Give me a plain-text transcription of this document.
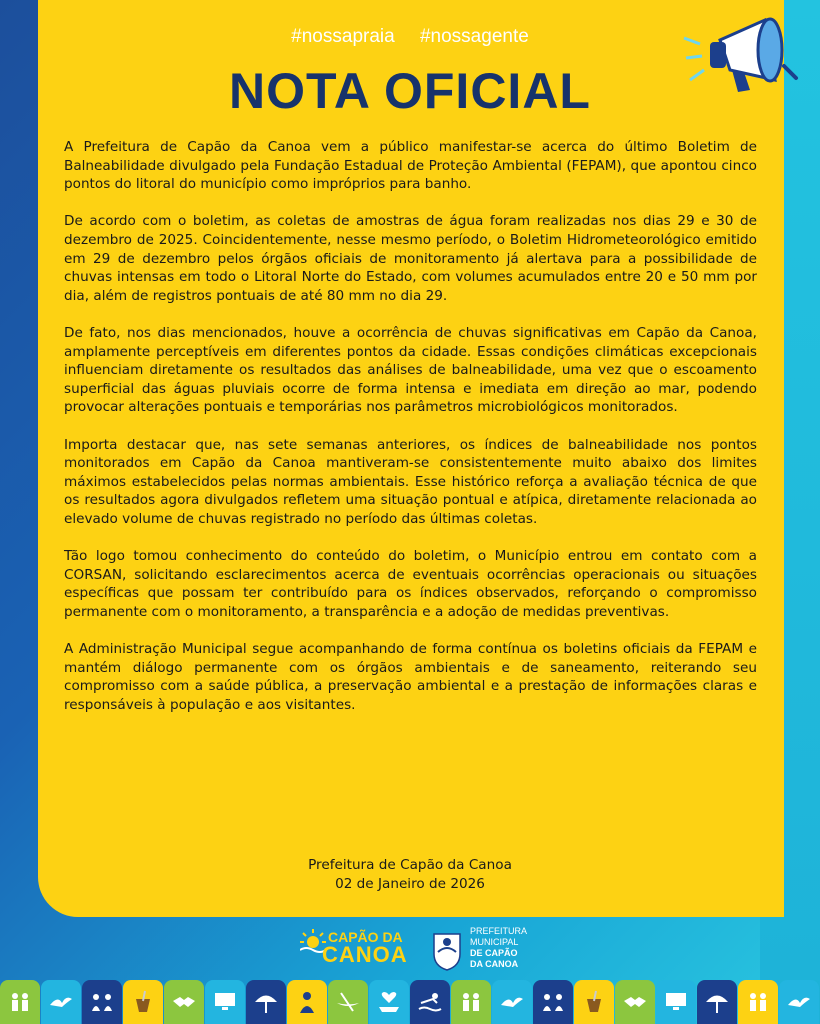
#nossapraia #nossagente
NOTA OFICIAL

A Prefeitura de Capão da Canoa vem a público manifestar-se acerca do último Boletim de Balneabilidade divulgado pela Fundação Estadual de Proteção Ambiental (FEPAM), que apontou cinco pontos do litoral do município como impróprios para banho.

De acordo com o boletim, as coletas de amostras de água foram realizadas nos dias 29 e 30 de dezembro de 2025. Coincidentemente, nesse mesmo período, o Boletim Hidrometeorológico emitido em 29 de dezembro pelos órgãos oficiais de monitoramento já alertava para a possibilidade de chuvas intensas em todo o Litoral Norte do Estado, com volumes acumulados entre 20 e 50 mm por dia, além de registros pontuais de até 80 mm no dia 29.

De fato, nos dias mencionados, houve a ocorrência de chuvas significativas em Capão da Canoa, amplamente perceptíveis em diferentes pontos da cidade. Essas condições climáticas excepcionais influenciam diretamente os resultados das análises de balneabilidade, uma vez que o escoamento superficial das águas pluviais ocorre de forma intensa e imediata em direção ao mar, podendo provocar alterações pontuais e temporárias nos parâmetros microbiológicos monitorados.

Importa destacar que, nas sete semanas anteriores, os índices de balneabilidade nos pontos monitorados em Capão da Canoa mantiveram-se consistentemente muito abaixo dos limites máximos estabelecidos pelas normas ambientais. Esse histórico reforça a avaliação técnica de que os resultados agora divulgados refletem uma situação pontual e atípica, diretamente relacionada ao elevado volume de chuvas registrado no período das últimas coletas.

Tão logo tomou conhecimento do conteúdo do boletim, o Município entrou em contato com a CORSAN, solicitando esclarecimentos acerca de eventuais ocorrências operacionais ou situações específicas que possam ter contribuído para os índices observados, reforçando o compromisso permanente com o monitoramento, a transparência e a adoção de medidas preventivas.

A Administração Municipal segue acompanhando de forma contínua os boletins oficiais da FEPAM e mantém diálogo permanente com os órgãos ambientais e de saneamento, reiterando seu compromisso com a saúde pública, a preservação ambiental e a prestação de informações claras e responsáveis à população e aos visitantes.

Prefeitura de Capão da Canoa
02 de Janeiro de 2026
CAPÃO DA
CANOA
PREFEITURA
MUNICIPAL
DE CAPÃO
DA CANOA
